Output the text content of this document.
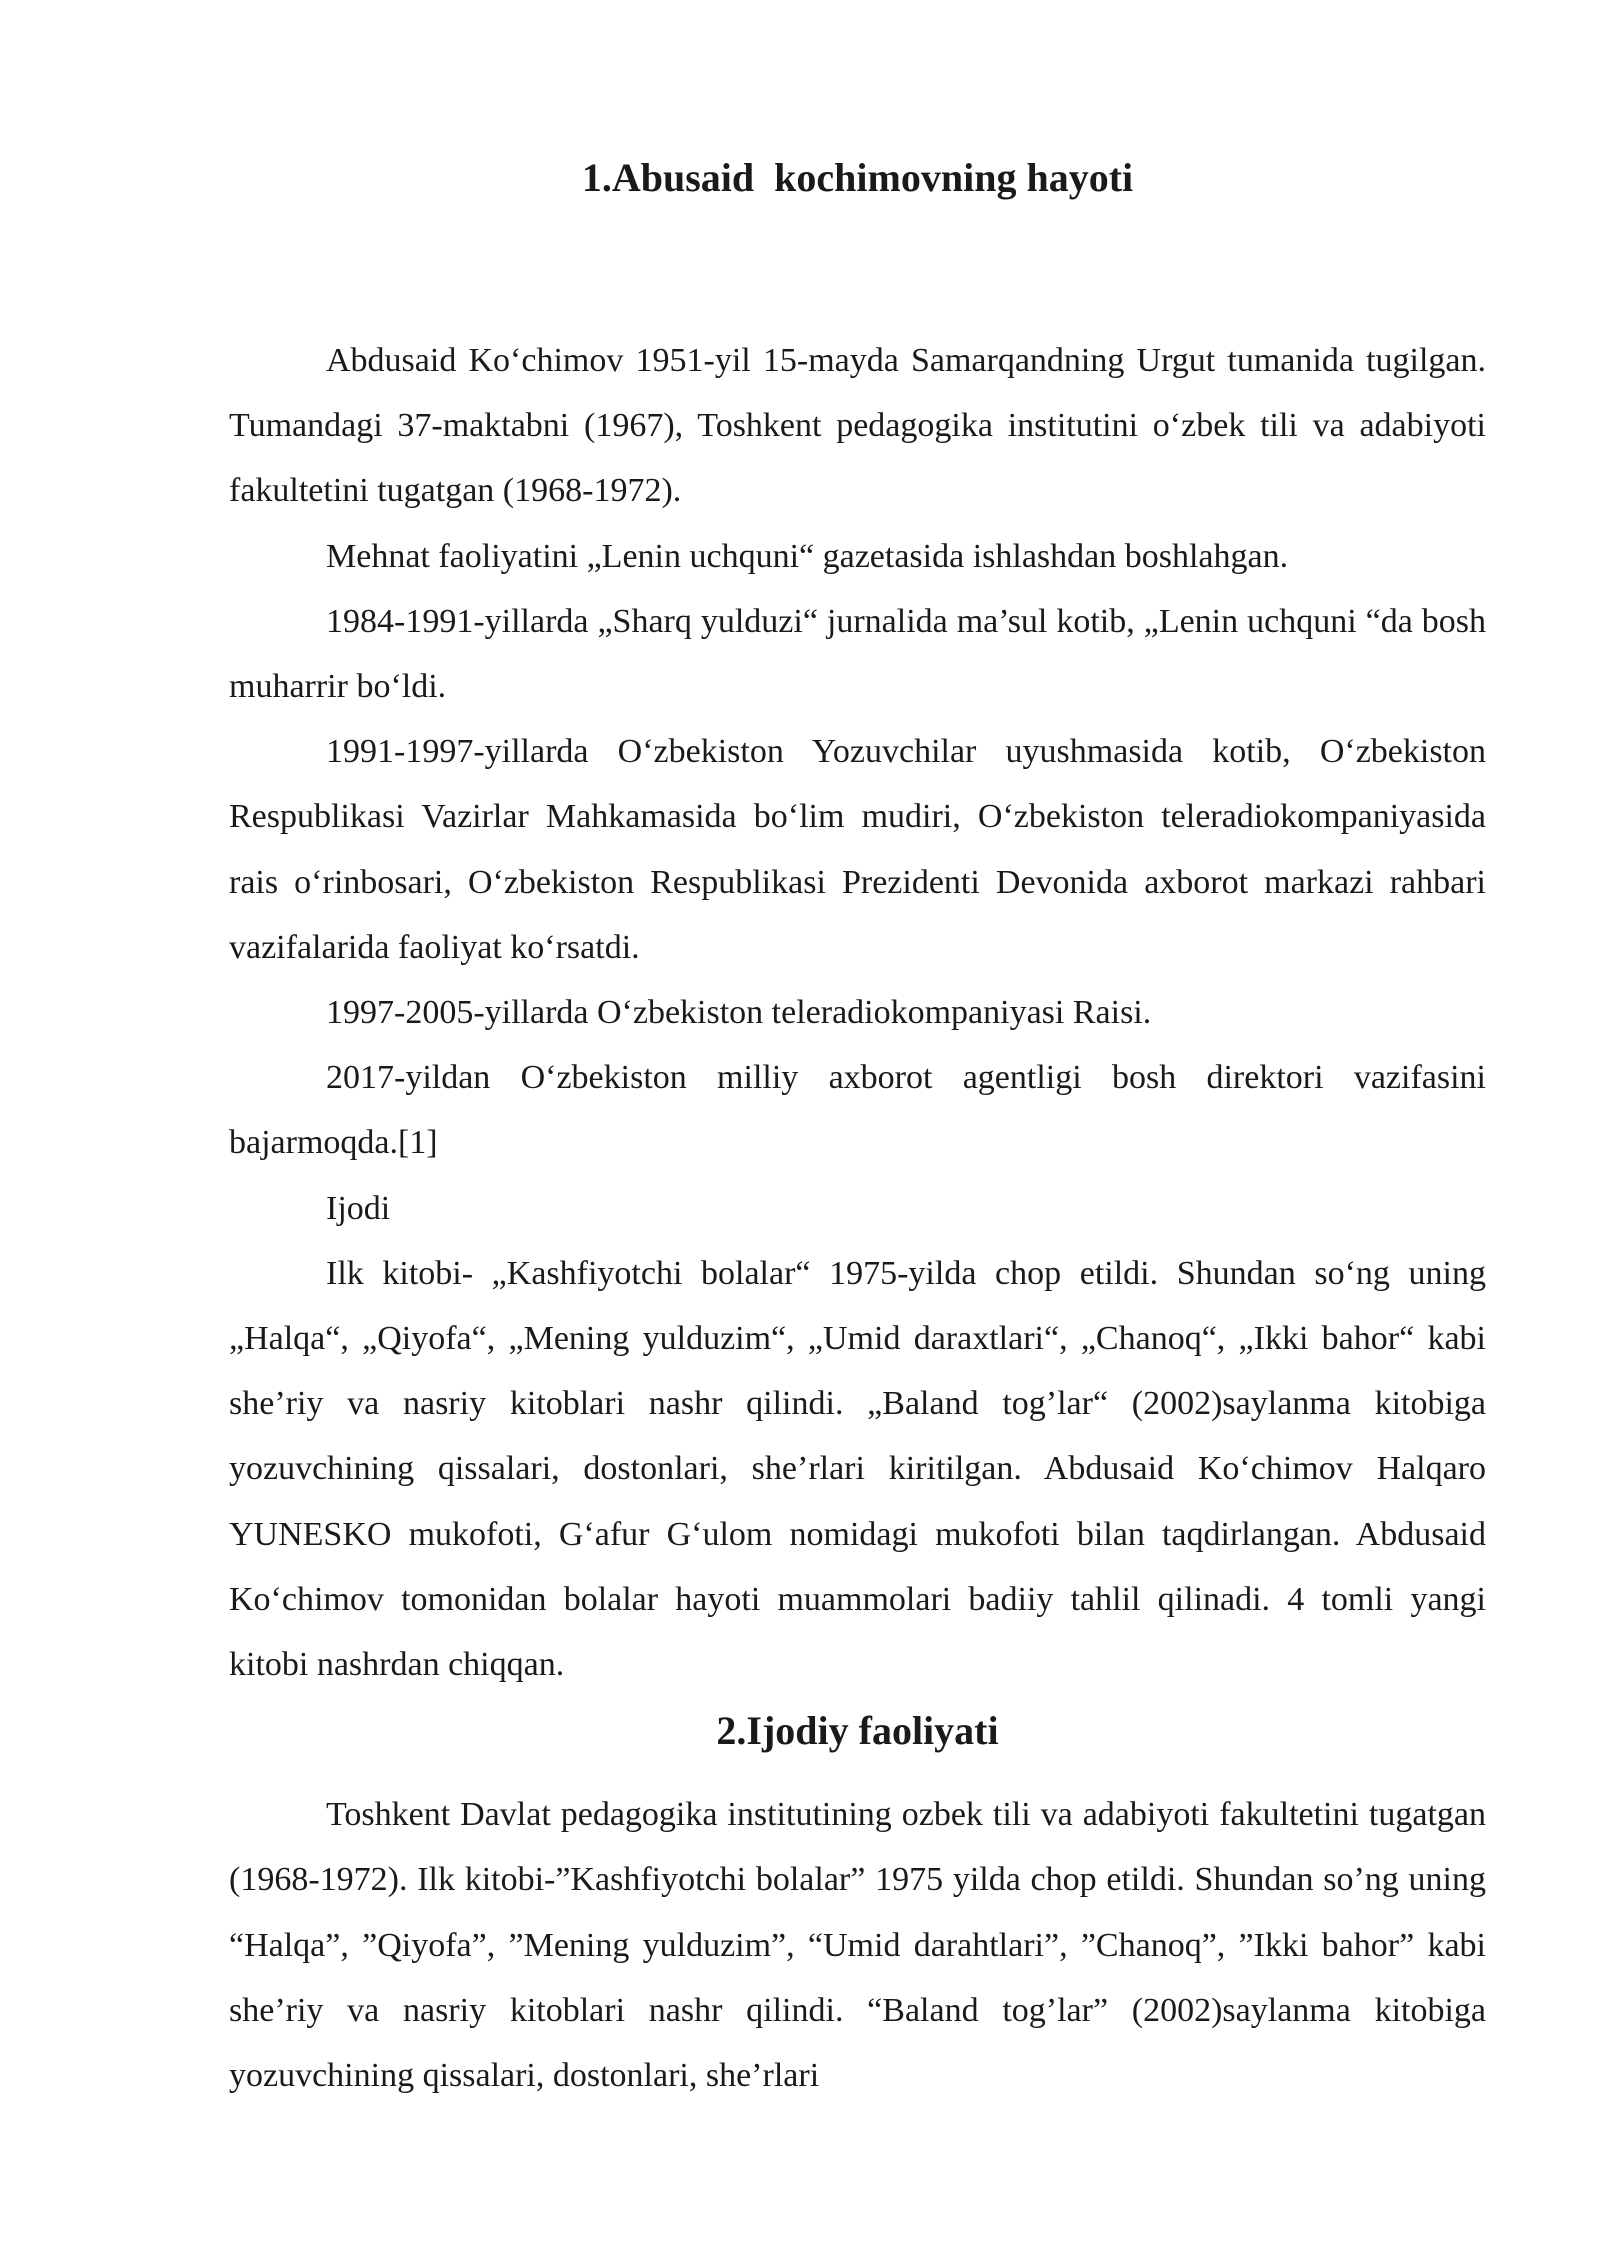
1.Abusaid  kochimovning hayoti

Abdusaid Koʻchimov 1951-yil 15-mayda Samarqandning Urgut tumanida tugilgan. Tumandagi 37-maktabni (1967), Toshkent pedagogika institutini oʻzbek tili va adabiyoti fakultetini tugatgan (1968-1972).

Mehnat faoliyatini „Lenin uchquni“ gazetasida ishlashdan boshlahgan.

1984-1991-yillarda „Sharq yulduzi“ jurnalida ma’sul kotib, „Lenin uchquni “da bosh muharrir boʻldi.

1991-1997-yillarda Oʻzbekiston Yozuvchilar uyushmasida kotib, Oʻzbekiston Respublikasi Vazirlar Mahkamasida boʻlim mudiri, Oʻzbekiston teleradiokompaniyasida rais oʻrinbosari, Oʻzbekiston Respublikasi Prezidenti Devonida axborot markazi rahbari vazifalarida faoliyat koʻrsatdi.

1997-2005-yillarda Oʻzbekiston teleradiokompaniyasi Raisi.

2017-yildan Oʻzbekiston milliy axborot agentligi bosh direktori vazifasini bajarmoqda.[1]

Ijodi

Ilk kitobi- „Kashfiyotchi bolalar“ 1975-yilda chop etildi. Shundan soʻng uning „Halqa“, „Qiyofa“, „Mening yulduzim“, „Umid daraxtlari“, „Chanoq“, „Ikki bahor“ kabi she’riy va nasriy kitoblari nashr qilindi. „Baland tog’lar“ (2002)saylanma kitobiga yozuvchining qissalari, dostonlari, she’rlari kiritilgan. Abdusaid Koʻchimov Halqaro YUNESKO mukofoti, Gʻafur Gʻulom nomidagi mukofoti bilan taqdirlangan. Abdusaid Koʻchimov tomonidan bolalar hayoti muammolari badiiy tahlil qilinadi. 4 tomli yangi kitobi nashrdan chiqqan.

2.Ijodiy faoliyati

Toshkent Davlat pedagogika institutining ozbek tili va adabiyoti fakultetini tugatgan (1968-1972). Ilk kitobi-”Kashfiyotchi bolalar” 1975 yilda chop etildi. Shundan so’ng uning “Halqa”, ”Qiyofa”, ”Mening yulduzim”, “Umid darahtlari”, ”Chanoq”, ”Ikki bahor” kabi she’riy va nasriy kitoblari nashr qilindi. “Baland tog’lar” (2002)saylanma kitobiga yozuvchining qissalari, dostonlari, she’rlari
